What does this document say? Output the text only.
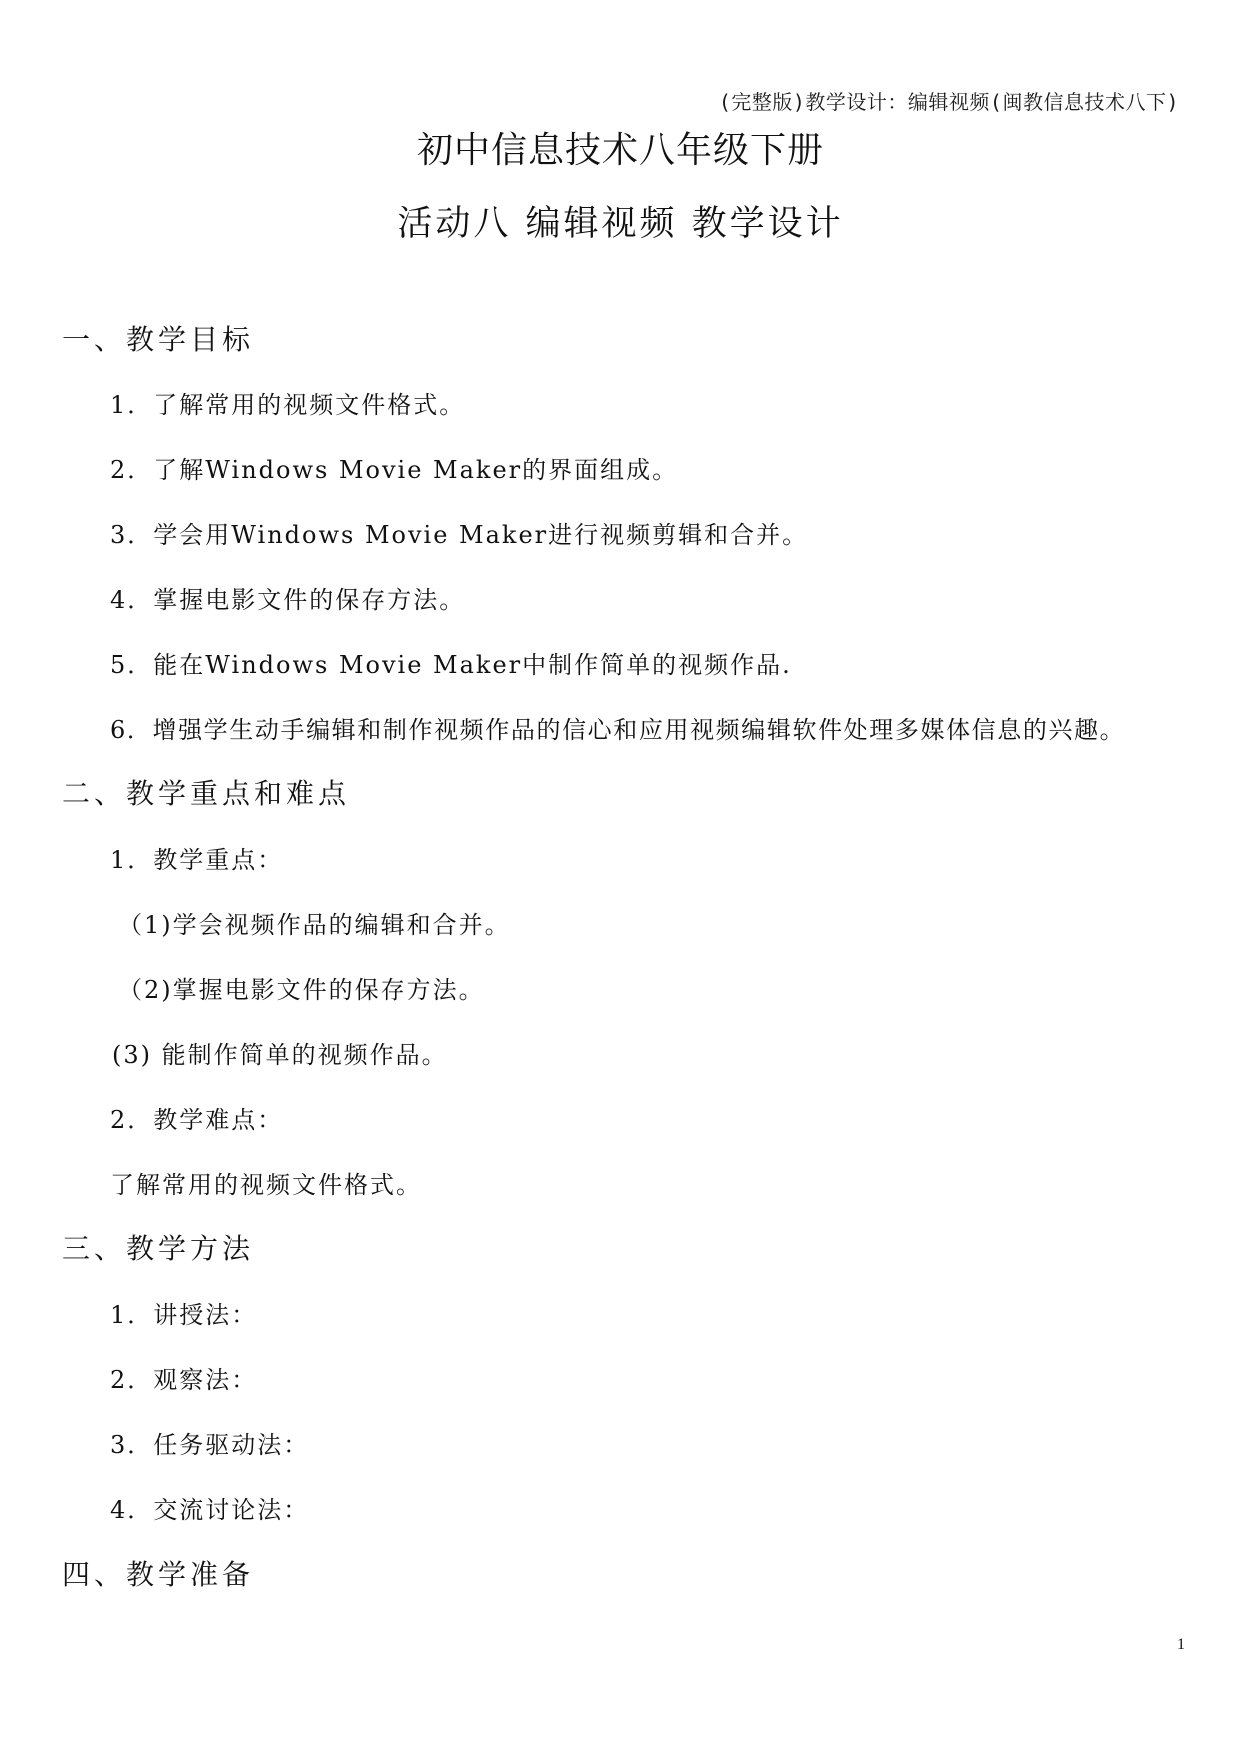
(完整版)教学设计：编辑视频(闽教信息技术八下)
初中信息技术八年级下册
活动八 编辑视频 教学设计
一、教学目标
1．了解常用的视频文件格式。
2．了解Windows Movie Maker的界面组成。
3．学会用Windows Movie Maker进行视频剪辑和合并。
4．掌握电影文件的保存方法。
5．能在Windows Movie Maker中制作简单的视频作品.
6．增强学生动手编辑和制作视频作品的信心和应用视频编辑软件处理多媒体信息的兴趣。
二、教学重点和难点
1．教学重点：
（1)学会视频作品的编辑和合并。
（2)掌握电影文件的保存方法。
(3) 能制作简单的视频作品。
2．教学难点：
了解常用的视频文件格式。
三、教学方法
1．讲授法：
2．观察法：
3．任务驱动法：
4．交流讨论法：
四、教学准备
1
